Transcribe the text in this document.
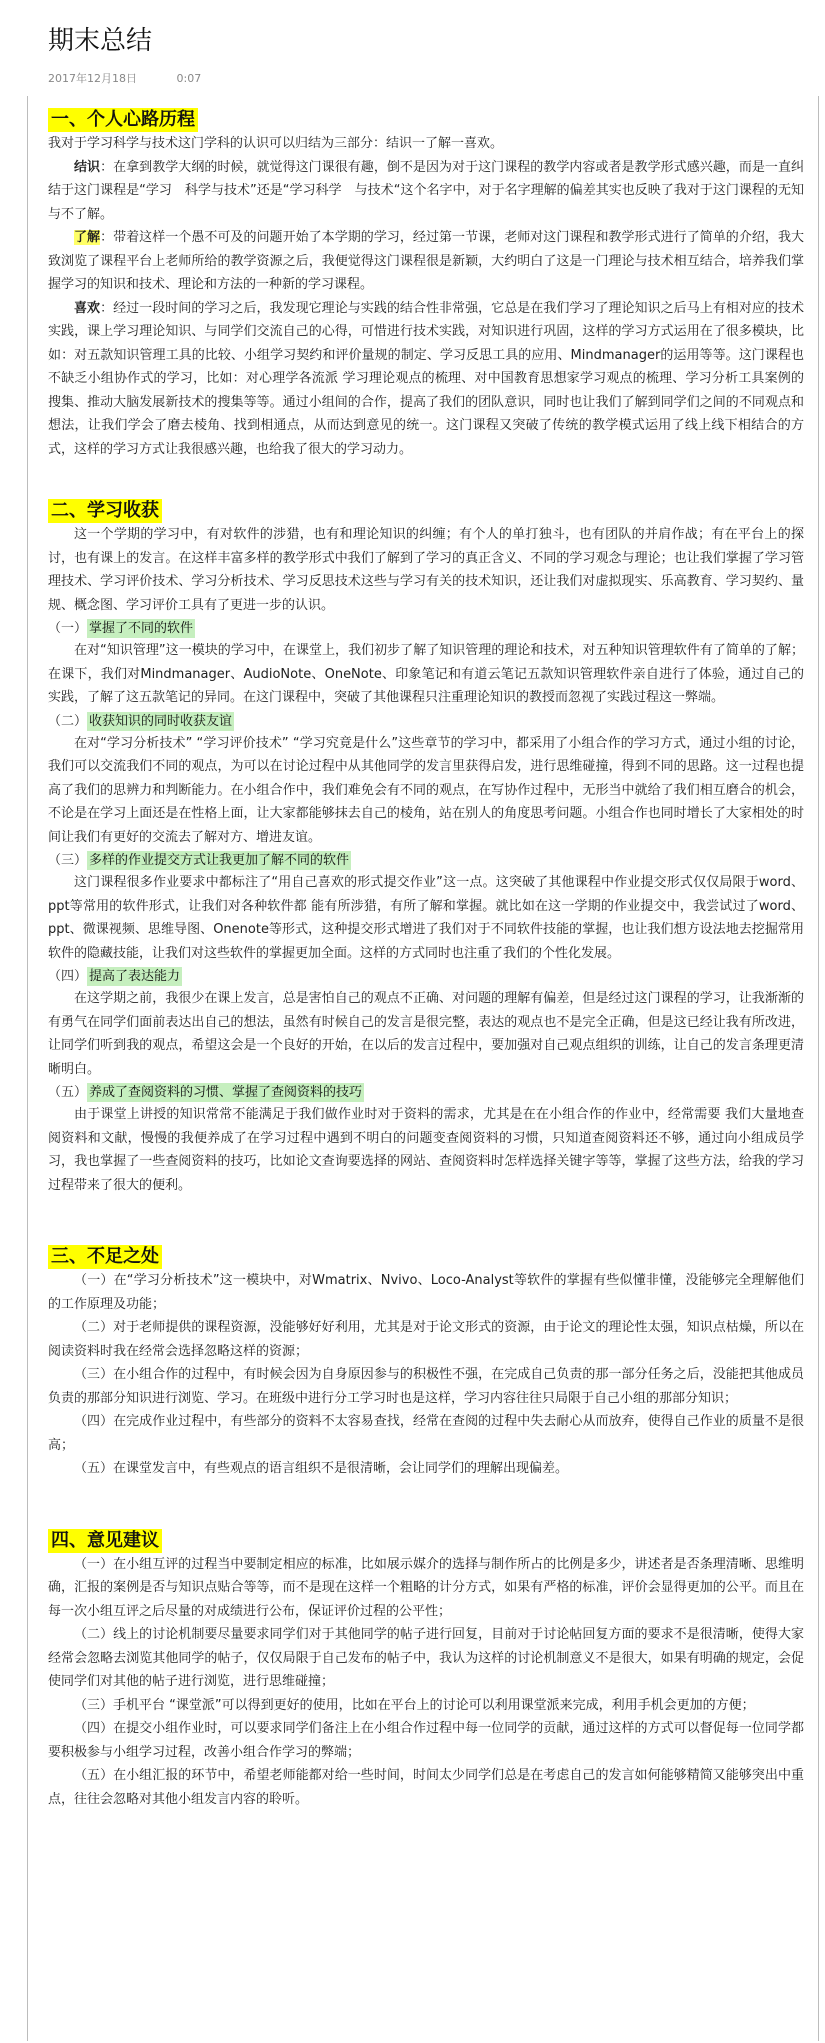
期末总结
2017年12月18日	0:07
一、个人心路历程

我对于学习科学与技术这门学科的认识可以归结为三部分：结识一了解一喜欢。

结识：在拿到教学大纲的时候，就觉得这门课很有趣，倒不是因为对于这门课程的教学内容或者是教学形式感兴趣，而是一直纠结于这门课程是“学习　科学与技术”还是“学习科学　与技术“这个名字中，对于名字理解的偏差其实也反映了我对于这门课程的无知与不了解。

了解：带着这样一个愚不可及的问题开始了本学期的学习，经过第一节课，老师对这门课程和教学形式进行了简单的介绍，我大致浏览了课程平台上老师所给的教学资源之后，我便觉得这门课程很是新颖，大约明白了这是一门理论与技术相互结合，培养我们掌握学习的知识和技术、理论和方法的一种新的学习课程。

喜欢：经过一段时间的学习之后，我发现它理论与实践的结合性非常强，它总是在我们学习了理论知识之后马上有相对应的技术实践，课上学习理论知识、与同学们交流自己的心得，可惜进行技术实践，对知识进行巩固，这样的学习方式运用在了很多模块，比如：对五款知识管理工具的比较、小组学习契约和评价量规的制定、学习反思工具的应用、Mindmanager的运用等等。这门课程也不缺乏小组协作式的学习，比如：对心理学各流派 学习理论观点的梳理、对中国教育思想家学习观点的梳理、学习分析工具案例的搜集、推动大脑发展新技术的搜集等等。通过小组间的合作，提高了我们的团队意识，同时也让我们了解到同学们之间的不同观点和想法，让我们学会了磨去棱角、找到相通点，从而达到意见的统一。这门课程又突破了传统的教学模式运用了线上线下相结合的方式，这样的学习方式让我很感兴趣，也给我了很大的学习动力。

二、学习收获

这一个学期的学习中，有对软件的涉猎，也有和理论知识的纠缠；有个人的单打独斗，也有团队的并肩作战；有在平台上的探讨，也有课上的发言。在这样丰富多样的教学形式中我们了解到了学习的真正含义、不同的学习观念与理论；也让我们掌握了学习管理技术、学习评价技术、学习分析技术、学习反思技术这些与学习有关的技术知识，还让我们对虚拟现实、乐高教育、学习契约、量规、概念图、学习评价工具有了更进一步的认识。

（一） 掌握了不同的软件

在对“知识管理”这一模块的学习中，在课堂上，我们初步了解了知识管理的理论和技术，对五种知识管理软件有了简单的了解；在课下，我们对Mindmanager、AudioNote、OneNote、印象笔记和有道云笔记五款知识管理软件亲自进行了体验，通过自己的实践，了解了这五款笔记的异同。在这门课程中，突破了其他课程只注重理论知识的教授而忽视了实践过程这一弊端。

（二） 收获知识的同时收获友谊

在对“学习分析技术” “学习评价技术” “学习究竟是什么”这些章节的学习中，都采用了小组合作的学习方式，通过小组的讨论，我们可以交流我们不同的观点，为可以在讨论过程中从其他同学的发言里获得启发，进行思维碰撞，得到不同的思路。这一过程也提高了我们的思辨力和判断能力。在小组合作中，我们难免会有不同的观点，在写协作过程中，无形当中就给了我们相互磨合的机会，不论是在学习上面还是在性格上面，让大家都能够抹去自己的棱角，站在别人的角度思考问题。小组合作也同时增长了大家相处的时间让我们有更好的交流去了解对方、增进友谊。

（三） 多样的作业提交方式让我更加了解不同的软件

这门课程很多作业要求中都标注了“用自己喜欢的形式提交作业”这一点。这突破了其他课程中作业提交形式仅仅局限于word、ppt等常用的软件形式，让我们对各种软件都 能有所涉猎，有所了解和掌握。就比如在这一学期的作业提交中，我尝试过了word、ppt、微课视频、思维导图、Onenote等形式，这种提交形式增进了我们对于不同软件技能的掌握，也让我们想方设法地去挖掘常用软件的隐藏技能，让我们对这些软件的掌握更加全面。这样的方式同时也注重了我们的个性化发展。

（四） 提高了表达能力

在这学期之前，我很少在课上发言，总是害怕自己的观点不正确、对问题的理解有偏差，但是经过这门课程的学习，让我渐渐的有勇气在同学们面前表达出自己的想法，虽然有时候自己的发言是很完整，表达的观点也不是完全正确，但是这已经让我有所改进，让同学们听到我的观点，希望这会是一个良好的开始，在以后的发言过程中，要加强对自己观点组织的训练，让自己的发言条理更清晰明白。

（五） 养成了查阅资料的习惯、掌握了查阅资料的技巧

由于课堂上讲授的知识常常不能满足于我们做作业时对于资料的需求，尤其是在在小组合作的作业中，经常需要 我们大量地查阅资料和文献，慢慢的我便养成了在学习过程中遇到不明白的问题变查阅资料的习惯，只知道查阅资料还不够，通过向小组成员学习，我也掌握了一些查阅资料的技巧，比如论文查询要选择的网站、查阅资料时怎样选择关键字等等，掌握了这些方法，给我的学习过程带来了很大的便利。

三、不足之处

（一）在“学习分析技术”这一模块中，对Wmatrix、Nvivo、Loco-Analyst等软件的掌握有些似懂非懂，没能够完全理解他们的工作原理及功能；

（二）对于老师提供的课程资源，没能够好好利用，尤其是对于论文形式的资源，由于论文的理论性太强，知识点枯燥，所以在阅读资料时我在经常会选择忽略这样的资源；

（三）在小组合作的过程中，有时候会因为自身原因参与的积极性不强，在完成自己负责的那一部分任务之后，没能把其他成员负责的那部分知识进行浏览、学习。在班级中进行分工学习时也是这样，学习内容往往只局限于自己小组的那部分知识；

（四）在完成作业过程中，有些部分的资料不太容易查找，经常在查阅的过程中失去耐心从而放弃，使得自己作业的质量不是很高；

（五）在课堂发言中，有些观点的语言组织不是很清晰，会让同学们的理解出现偏差。

四、意见建议

（一）在小组互评的过程当中要制定相应的标准，比如展示媒介的选择与制作所占的比例是多少，讲述者是否条理清晰、思维明确，汇报的案例是否与知识点贴合等等，而不是现在这样一个粗略的计分方式，如果有严格的标准，评价会显得更加的公平。而且在每一次小组互评之后尽量的对成绩进行公布，保证评价过程的公平性；

（二）线上的讨论机制要尽量要求同学们对于其他同学的帖子进行回复，目前对于讨论帖回复方面的要求不是很清晰，使得大家经常会忽略去浏览其他同学的帖子，仅仅局限于自己发布的帖子中，我认为这样的讨论机制意义不是很大，如果有明确的规定，会促使同学们对其他的帖子进行浏览，进行思维碰撞；

（三）手机平台 “课堂派”可以得到更好的使用，比如在平台上的讨论可以利用课堂派来完成，利用手机会更加的方便；

（四）在提交小组作业时，可以要求同学们备注上在小组合作过程中每一位同学的贡献，通过这样的方式可以督促每一位同学都要积极参与小组学习过程，改善小组合作学习的弊端；

（五）在小组汇报的环节中，希望老师能都对给一些时间，时间太少同学们总是在考虑自己的发言如何能够精简又能够突出中重点，往往会忽略对其他小组发言内容的聆听。
